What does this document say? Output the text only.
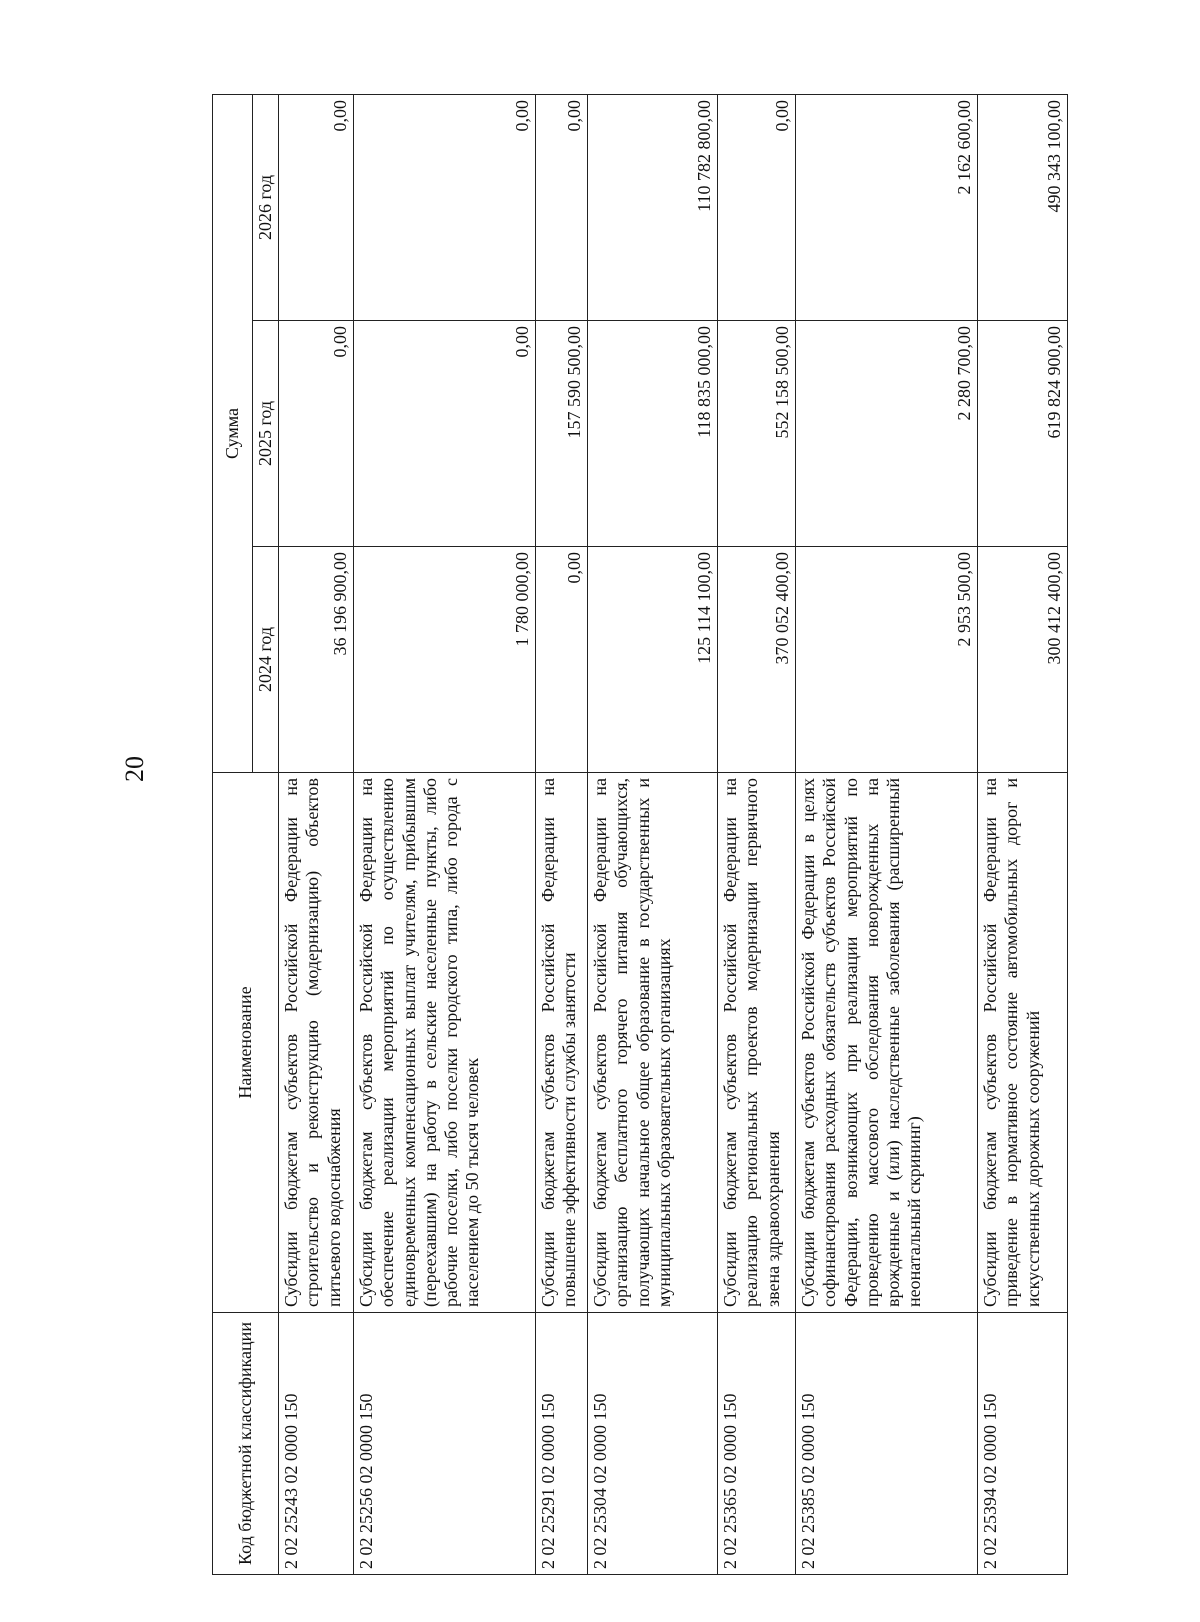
20
Код бюджетной классификации	Наименование	Сумма		
		2024 год	2025 год	2026 год
2 02 25243 02 0000 150	Субсидии бюджетам субъектов Российской Федерации на строительство и реконструкцию (модернизацию) объектов питьевого водоснабжения	36 196 900,00	0,00	0,00
2 02 25256 02 0000 150	Субсидии бюджетам субъектов Российской Федерации на обеспечение реализации мероприятий по осуществлению единовременных компенсационных выплат учителям, прибывшим (переехавшим) на работу в сельские населенные пункты, либо рабочие поселки, либо поселки городского типа, либо города с населением до 50 тысяч человек	1 780 000,00	0,00	0,00
2 02 25291 02 0000 150	Субсидии бюджетам субъектов Российской Федерации на повышение эффективности службы занятости	0,00	157 590 500,00	0,00
2 02 25304 02 0000 150	Субсидии бюджетам субъектов Российской Федерации на организацию бесплатного горячего питания обучающихся, получающих начальное общее образование в государственных и муниципальных образовательных организациях	125 114 100,00	118 835 000,00	110 782 800,00
2 02 25365 02 0000 150	Субсидии бюджетам субъектов Российской Федерации на реализацию региональных проектов модернизации первичного звена здравоохранения	370 052 400,00	552 158 500,00	0,00
2 02 25385 02 0000 150	Субсидии бюджетам субъектов Российской Федерации в целях софинансирования расходных обязательств субъектов Российской Федерации, возникающих при реализации мероприятий по проведению массового обследования новорожденных на врожденные и (или) наследственные заболевания (расширенный неонатальный скрининг)	2 953 500,00	2 280 700,00	2 162 600,00
2 02 25394 02 0000 150	Субсидии бюджетам субъектов Российской Федерации на приведение в нормативное состояние автомобильных дорог и искусственных дорожных сооружений	300 412 400,00	619 824 900,00	490 343 100,00
